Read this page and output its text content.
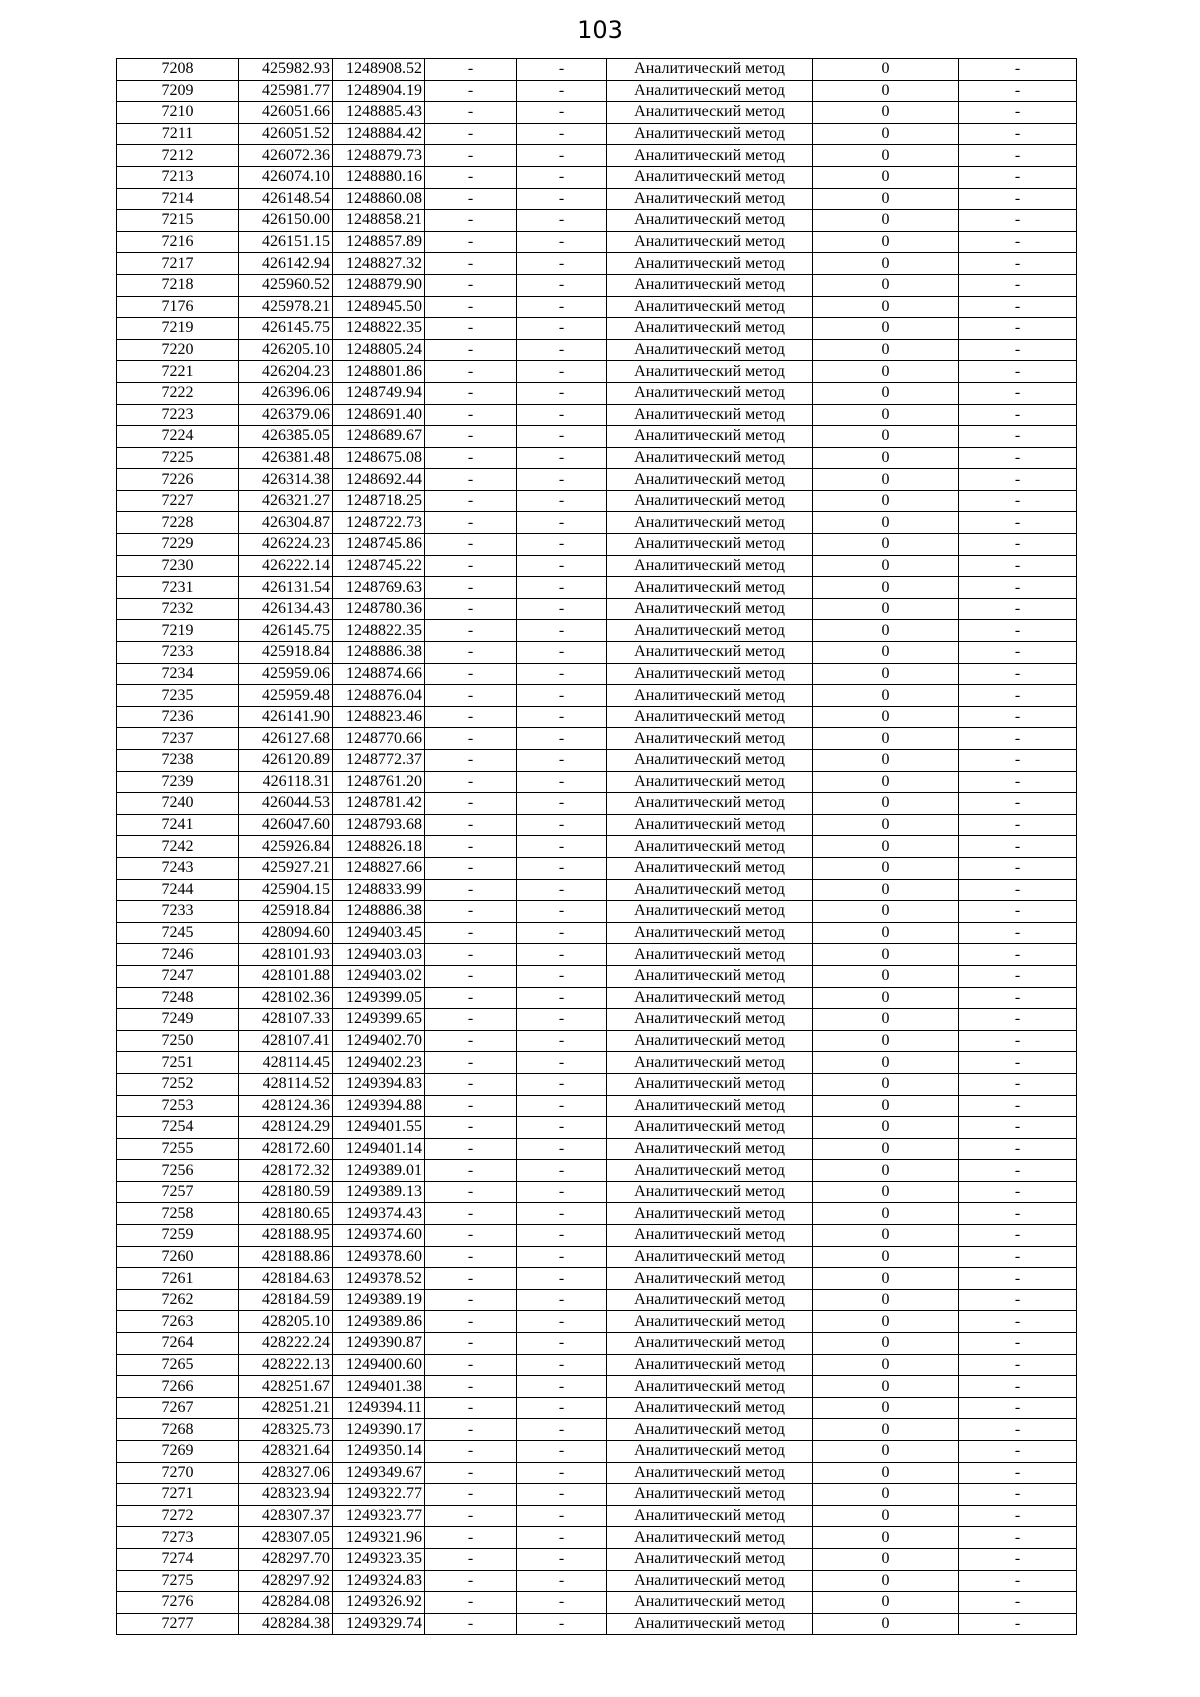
103
7208	425982.93	1248908.52	-	-	Аналитический метод	0	-
7209	425981.77	1248904.19	-	-	Аналитический метод	0	-
7210	426051.66	1248885.43	-	-	Аналитический метод	0	-
7211	426051.52	1248884.42	-	-	Аналитический метод	0	-
7212	426072.36	1248879.73	-	-	Аналитический метод	0	-
7213	426074.10	1248880.16	-	-	Аналитический метод	0	-
7214	426148.54	1248860.08	-	-	Аналитический метод	0	-
7215	426150.00	1248858.21	-	-	Аналитический метод	0	-
7216	426151.15	1248857.89	-	-	Аналитический метод	0	-
7217	426142.94	1248827.32	-	-	Аналитический метод	0	-
7218	425960.52	1248879.90	-	-	Аналитический метод	0	-
7176	425978.21	1248945.50	-	-	Аналитический метод	0	-
7219	426145.75	1248822.35	-	-	Аналитический метод	0	-
7220	426205.10	1248805.24	-	-	Аналитический метод	0	-
7221	426204.23	1248801.86	-	-	Аналитический метод	0	-
7222	426396.06	1248749.94	-	-	Аналитический метод	0	-
7223	426379.06	1248691.40	-	-	Аналитический метод	0	-
7224	426385.05	1248689.67	-	-	Аналитический метод	0	-
7225	426381.48	1248675.08	-	-	Аналитический метод	0	-
7226	426314.38	1248692.44	-	-	Аналитический метод	0	-
7227	426321.27	1248718.25	-	-	Аналитический метод	0	-
7228	426304.87	1248722.73	-	-	Аналитический метод	0	-
7229	426224.23	1248745.86	-	-	Аналитический метод	0	-
7230	426222.14	1248745.22	-	-	Аналитический метод	0	-
7231	426131.54	1248769.63	-	-	Аналитический метод	0	-
7232	426134.43	1248780.36	-	-	Аналитический метод	0	-
7219	426145.75	1248822.35	-	-	Аналитический метод	0	-
7233	425918.84	1248886.38	-	-	Аналитический метод	0	-
7234	425959.06	1248874.66	-	-	Аналитический метод	0	-
7235	425959.48	1248876.04	-	-	Аналитический метод	0	-
7236	426141.90	1248823.46	-	-	Аналитический метод	0	-
7237	426127.68	1248770.66	-	-	Аналитический метод	0	-
7238	426120.89	1248772.37	-	-	Аналитический метод	0	-
7239	426118.31	1248761.20	-	-	Аналитический метод	0	-
7240	426044.53	1248781.42	-	-	Аналитический метод	0	-
7241	426047.60	1248793.68	-	-	Аналитический метод	0	-
7242	425926.84	1248826.18	-	-	Аналитический метод	0	-
7243	425927.21	1248827.66	-	-	Аналитический метод	0	-
7244	425904.15	1248833.99	-	-	Аналитический метод	0	-
7233	425918.84	1248886.38	-	-	Аналитический метод	0	-
7245	428094.60	1249403.45	-	-	Аналитический метод	0	-
7246	428101.93	1249403.03	-	-	Аналитический метод	0	-
7247	428101.88	1249403.02	-	-	Аналитический метод	0	-
7248	428102.36	1249399.05	-	-	Аналитический метод	0	-
7249	428107.33	1249399.65	-	-	Аналитический метод	0	-
7250	428107.41	1249402.70	-	-	Аналитический метод	0	-
7251	428114.45	1249402.23	-	-	Аналитический метод	0	-
7252	428114.52	1249394.83	-	-	Аналитический метод	0	-
7253	428124.36	1249394.88	-	-	Аналитический метод	0	-
7254	428124.29	1249401.55	-	-	Аналитический метод	0	-
7255	428172.60	1249401.14	-	-	Аналитический метод	0	-
7256	428172.32	1249389.01	-	-	Аналитический метод	0	-
7257	428180.59	1249389.13	-	-	Аналитический метод	0	-
7258	428180.65	1249374.43	-	-	Аналитический метод	0	-
7259	428188.95	1249374.60	-	-	Аналитический метод	0	-
7260	428188.86	1249378.60	-	-	Аналитический метод	0	-
7261	428184.63	1249378.52	-	-	Аналитический метод	0	-
7262	428184.59	1249389.19	-	-	Аналитический метод	0	-
7263	428205.10	1249389.86	-	-	Аналитический метод	0	-
7264	428222.24	1249390.87	-	-	Аналитический метод	0	-
7265	428222.13	1249400.60	-	-	Аналитический метод	0	-
7266	428251.67	1249401.38	-	-	Аналитический метод	0	-
7267	428251.21	1249394.11	-	-	Аналитический метод	0	-
7268	428325.73	1249390.17	-	-	Аналитический метод	0	-
7269	428321.64	1249350.14	-	-	Аналитический метод	0	-
7270	428327.06	1249349.67	-	-	Аналитический метод	0	-
7271	428323.94	1249322.77	-	-	Аналитический метод	0	-
7272	428307.37	1249323.77	-	-	Аналитический метод	0	-
7273	428307.05	1249321.96	-	-	Аналитический метод	0	-
7274	428297.70	1249323.35	-	-	Аналитический метод	0	-
7275	428297.92	1249324.83	-	-	Аналитический метод	0	-
7276	428284.08	1249326.92	-	-	Аналитический метод	0	-
7277	428284.38	1249329.74	-	-	Аналитический метод	0	-
